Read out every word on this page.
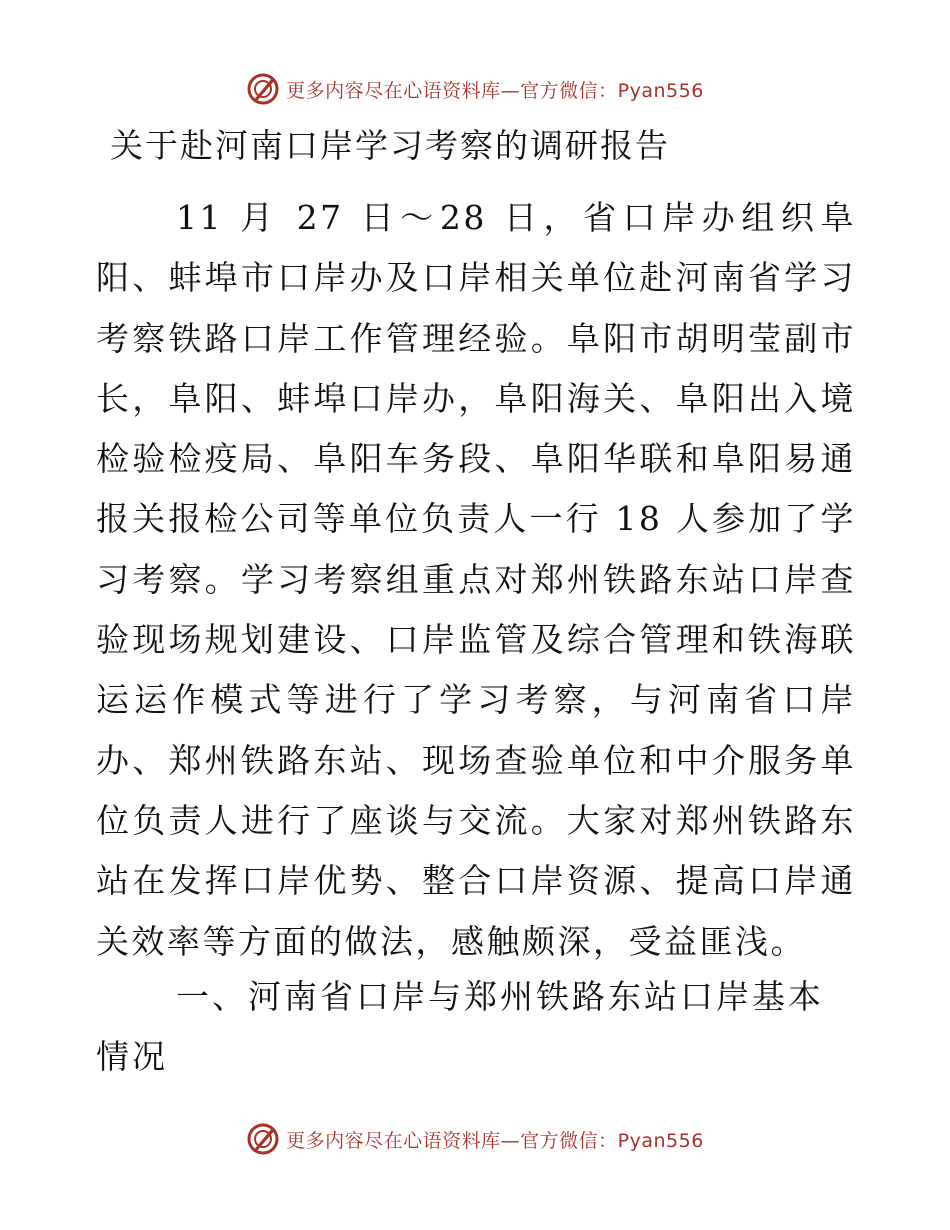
更多内容尽在心语资料库—官方微信：Pyan556
关于赴河南口岸学习考察的调研报告

11 月 27 日～28 日，省口岸办组织阜阳、蚌埠市口岸办及口岸相关单位赴河南省学习考察铁路口岸工作管理经验。阜阳市胡明莹副市长，阜阳、蚌埠口岸办，阜阳海关、阜阳出入境检验检疫局、阜阳车务段、阜阳华联和阜阳易通报关报检公司等单位负责人一行 18 人参加了学习考察。学习考察组重点对郑州铁路东站口岸查验现场规划建设、口岸监管及综合管理和铁海联运运作模式等进行了学习考察，与河南省口岸办、郑州铁路东站、现场查验单位和中介服务单位负责人进行了座谈与交流。大家对郑州铁路东站在发挥口岸优势、整合口岸资源、提高口岸通关效率等方面的做法，感触颇深，受益匪浅。

一、河南省口岸与郑州铁路东站口岸基本情况
更多内容尽在心语资料库—官方微信：Pyan556
